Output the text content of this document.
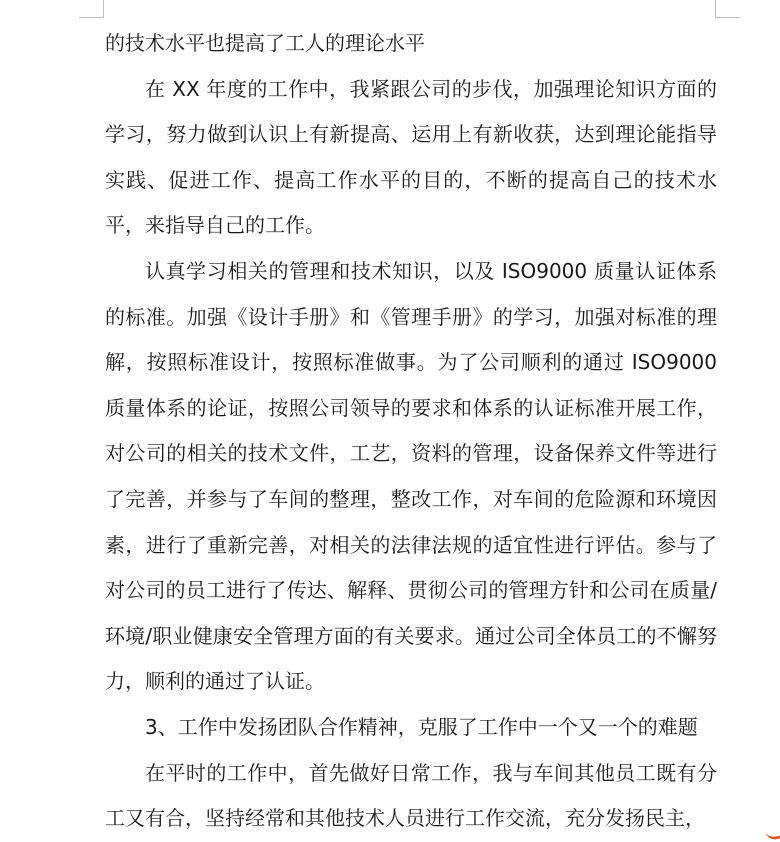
的技术水平也提高了工人的理论水平

在 XX 年度的工作中，我紧跟公司的步伐，加强理论知识方面的学习，努力做到认识上有新提高、运用上有新收获，达到理论能指导实践、促进工作、提高工作水平的目的，不断的提高自己的技术水平，来指导自己的工作。

认真学习相关的管理和技术知识，以及 ISO9000 质量认证体系的标准。加强《设计手册》和《管理手册》的学习，加强对标准的理解，按照标准设计，按照标准做事。为了公司顺利的通过 ISO9000 质量体系的论证，按照公司领导的要求和体系的认证标准开展工作，对公司的相关的技术文件，工艺，资料的管理，设备保养文件等进行了完善，并参与了车间的整理，整改工作，对车间的危险源和环境因素，进行了重新完善，对相关的法律法规的适宜性进行评估。参与了对公司的员工进行了传达、解释、贯彻公司的管理方针和公司在质量/环境/职业健康安全管理方面的有关要求。通过公司全体员工的不懈努力，顺利的通过了认证。

3、工作中发扬团队合作精神，克服了工作中一个又一个的难题

在平时的工作中，首先做好日常工作，我与车间其他员工既有分工又有合，坚持经常和其他技术人员进行工作交流，充分发扬民主，
